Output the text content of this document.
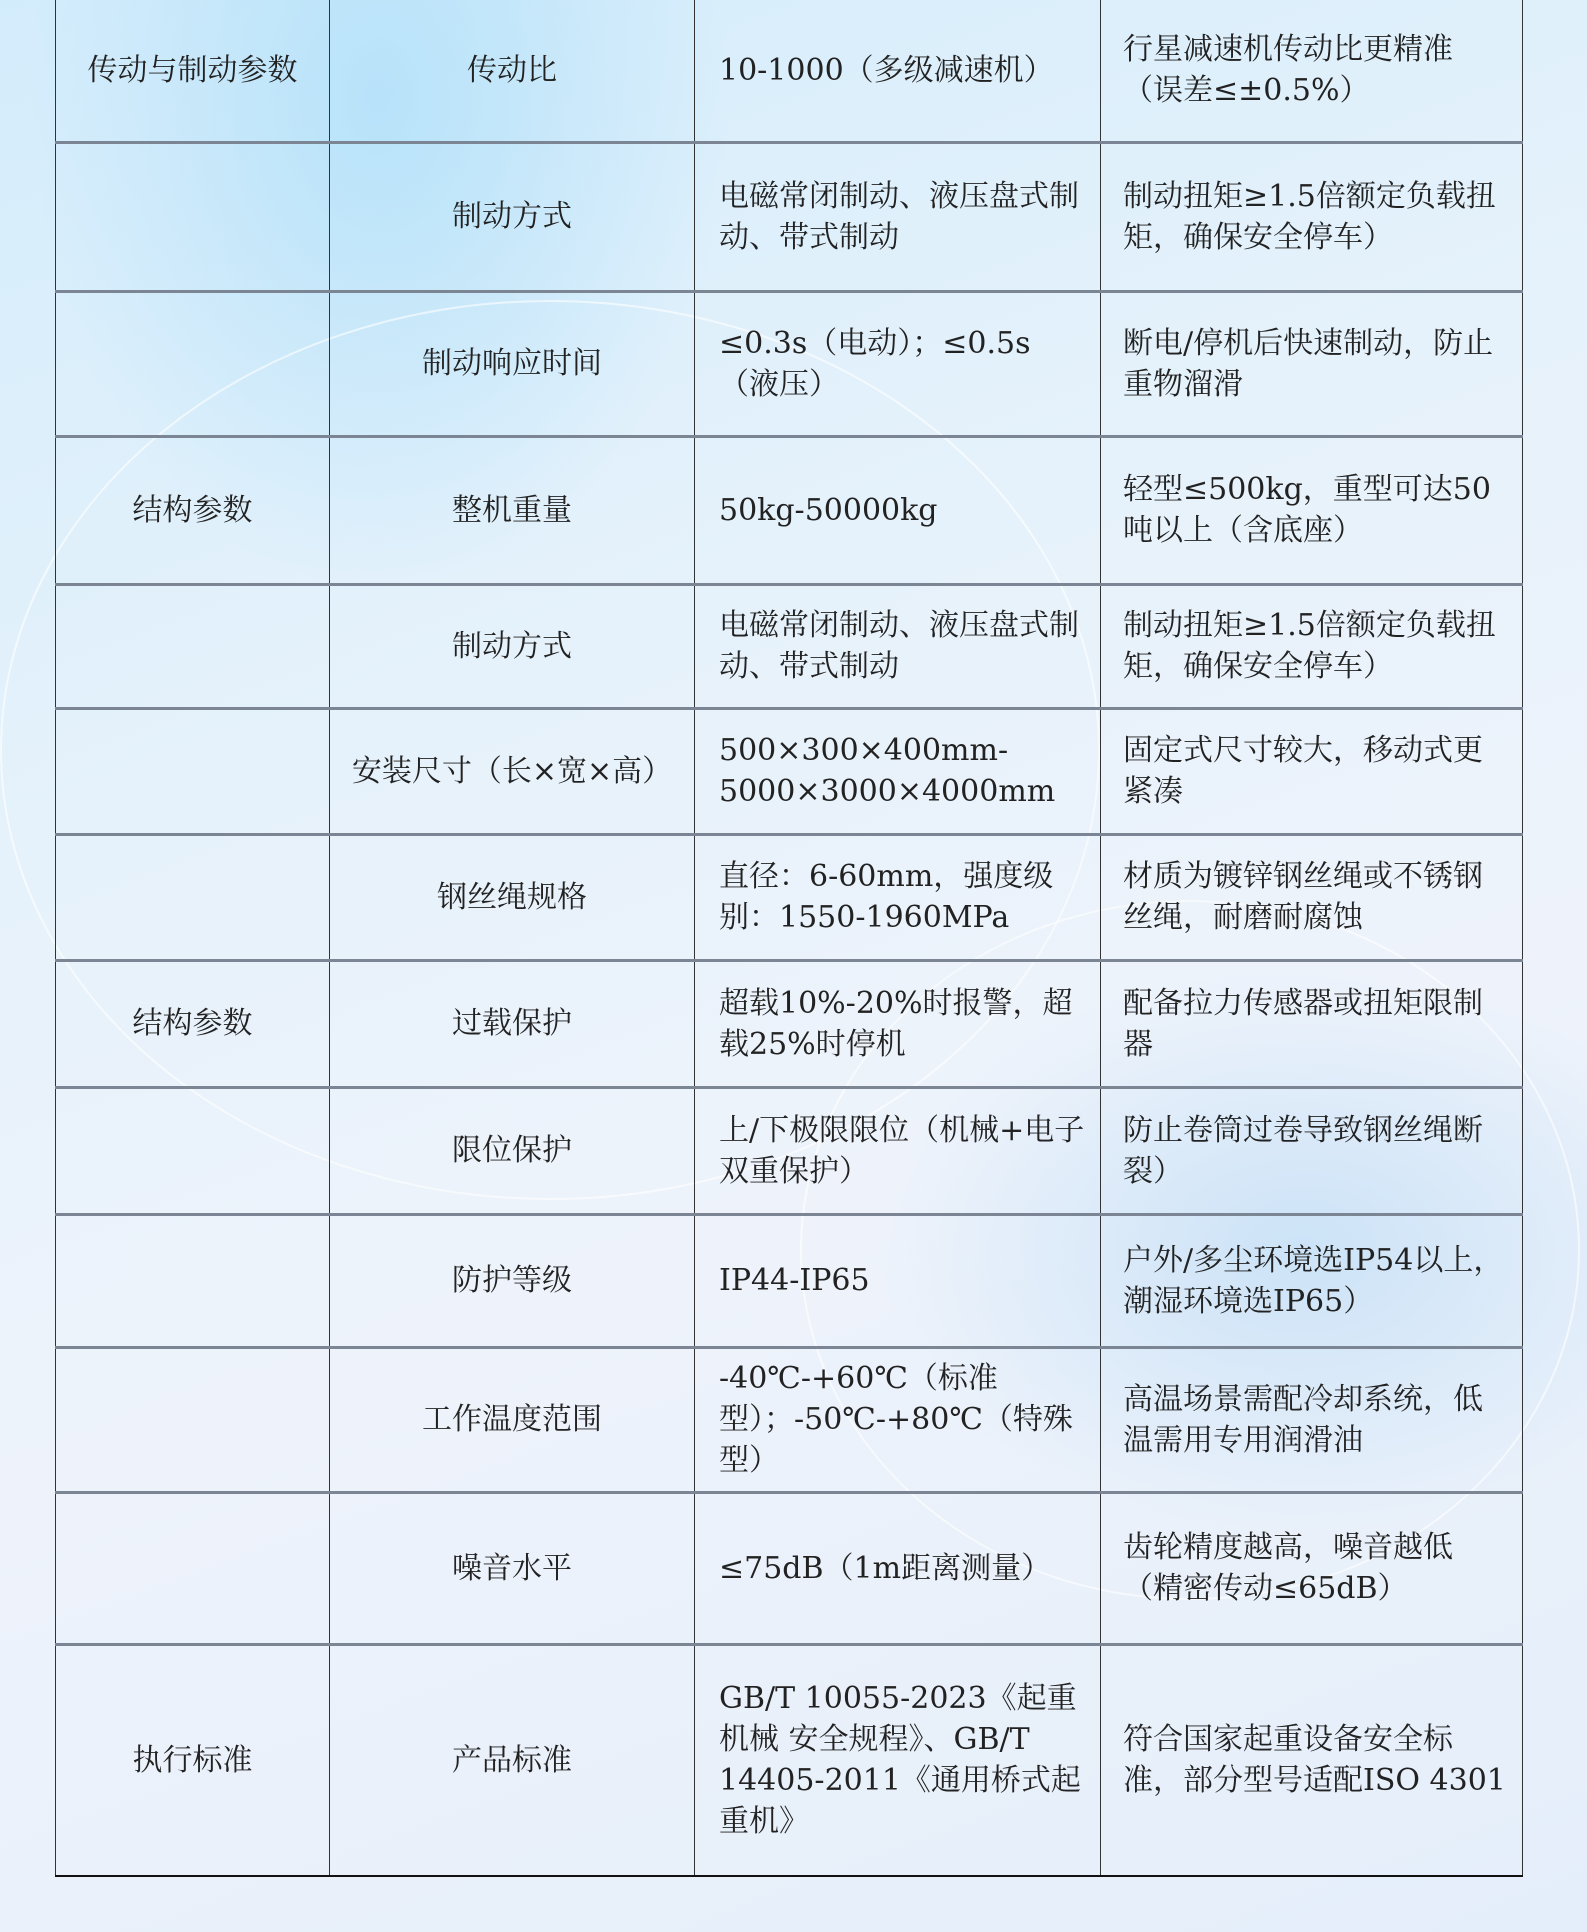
传动与制动参数	传动比	10-1000（多级减速机）	行星减速机传动比更精准（误差≤±0.5%）
	制动方式	电磁常闭制动、液压盘式制动、带式制动	制动扭矩≥1.5倍额定负载扭矩，确保安全停车）
	制动响应时间	≤0.3s（电动）；≤0.5s（液压）	断电/停机后快速制动，防止重物溜滑
结构参数	整机重量	50kg-50000kg	轻型≤500kg，重型可达50吨以上（含底座）
	制动方式	电磁常闭制动、液压盘式制动、带式制动	制动扭矩≥1.5倍额定负载扭矩，确保安全停车）
	安装尺寸（长×宽×高）	500×300×400mm-5000×3000×4000mm	固定式尺寸较大，移动式更紧凑
	钢丝绳规格	直径：6-60mm，强度级别：1550-1960MPa	材质为镀锌钢丝绳或不锈钢丝绳，耐磨耐腐蚀
结构参数	过载保护	超载10%-20%时报警，超载25%时停机	配备拉力传感器或扭矩限制器
	限位保护	上/下极限限位（机械+电子双重保护）	防止卷筒过卷导致钢丝绳断裂）
	防护等级	IP44-IP65	户外/多尘环境选IP54以上，潮湿环境选IP65）
	工作温度范围	-40℃-+60℃（标准型）；-50℃-+80℃（特殊型）	高温场景需配冷却系统，低温需用专用润滑油
	噪音水平	≤75dB（1m距离测量）	齿轮精度越高，噪音越低（精密传动≤65dB）
执行标准	产品标准	GB/T 10055-2023《起重机械 安全规程》、GB/T 14405-2011《通用桥式起重机》	符合国家起重设备安全标准，部分型号适配ISO 4301
